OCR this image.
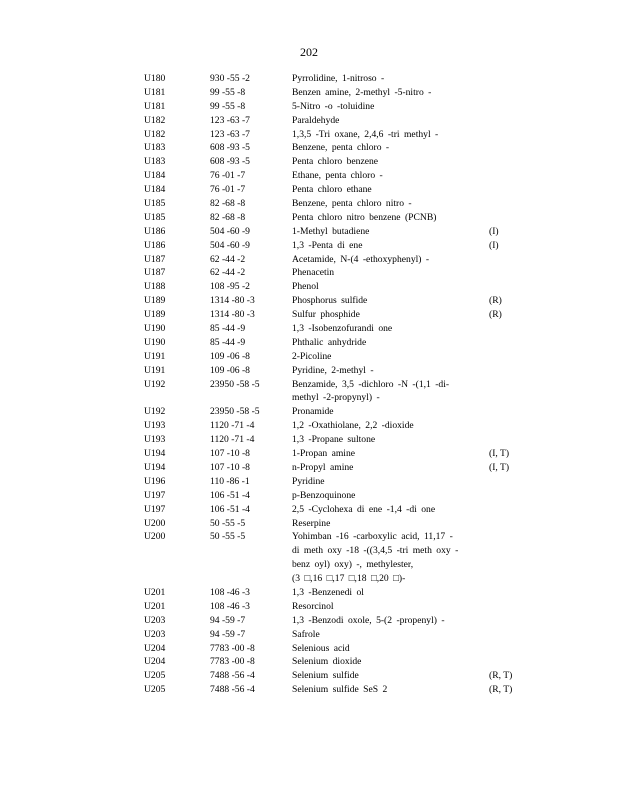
202
U180	930 -55 -2	Pyrrolidine, 1-nitroso -
U181	99 -55 -8	Benzen amine, 2-methyl -5-nitro -
U181	99 -55 -8	5-Nitro -o -toluidine
U182	123 -63 -7	Paraldehyde
U182	123 -63 -7	1,3,5 -Tri oxane, 2,4,6 -tri methyl -
U183	608 -93 -5	Benzene, penta chloro -
U183	608 -93 -5	Penta chloro benzene
U184	76 -01 -7	Ethane, penta chloro -
U184	76 -01 -7	Penta chloro ethane
U185	82 -68 -8	Benzene, penta chloro nitro -
U185	82 -68 -8	Penta chloro nitro benzene (PCNB)
U186	504 -60 -9	1-Methyl butadiene	(I)
U186	504 -60 -9	1,3 -Penta di ene	(I)
U187	62 -44 -2	Acetamide, N-(4 -ethoxyphenyl) -
U187	62 -44 -2	Phenacetin
U188	108 -95 -2	Phenol
U189	1314 -80 -3	Phosphorus sulfide	(R)
U189	1314 -80 -3	Sulfur phosphide	(R)
U190	85 -44 -9	1,3 -Isobenzofurandi one
U190	85 -44 -9	Phthalic anhydride
U191	109 -06 -8	2-Picoline
U191	109 -06 -8	Pyridine, 2-methyl -
U192	23950 -58 -5	Benzamide, 3,5 -dichloro -N -(1,1 -di-
methyl -2-propynyl) -
U192	23950 -58 -5	Pronamide
U193	1120 -71 -4	1,2 -Oxathiolane, 2,2 -dioxide
U193	1120 -71 -4	1,3 -Propane sultone
U194	107 -10 -8	1-Propan amine	(I, T)
U194	107 -10 -8	n-Propyl amine	(I, T)
U196	110 -86 -1	Pyridine
U197	106 -51 -4	p-Benzoquinone
U197	106 -51 -4	2,5 -Cyclohexa di ene -1,4 -di one
U200	50 -55 -5	Reserpine
U200	50 -55 -5	Yohimban -16 -carboxylic acid, 11,17 -
di meth oxy -18 -((3,4,5 -tri meth oxy -
benz oyl) oxy) -, methylester,
(3 □,16 □,17 □,18 □,20 □)-
U201	108 -46 -3	1,3 -Benzenedi ol
U201	108 -46 -3	Resorcinol
U203	94 -59 -7	1,3 -Benzodi oxole, 5-(2 -propenyl) -
U203	94 -59 -7	Safrole
U204	7783 -00 -8	Selenious acid
U204	7783 -00 -8	Selenium dioxide
U205	7488 -56 -4	Selenium sulfide	(R, T)
U205	7488 -56 -4	Selenium sulfide SeS 2	(R, T)
